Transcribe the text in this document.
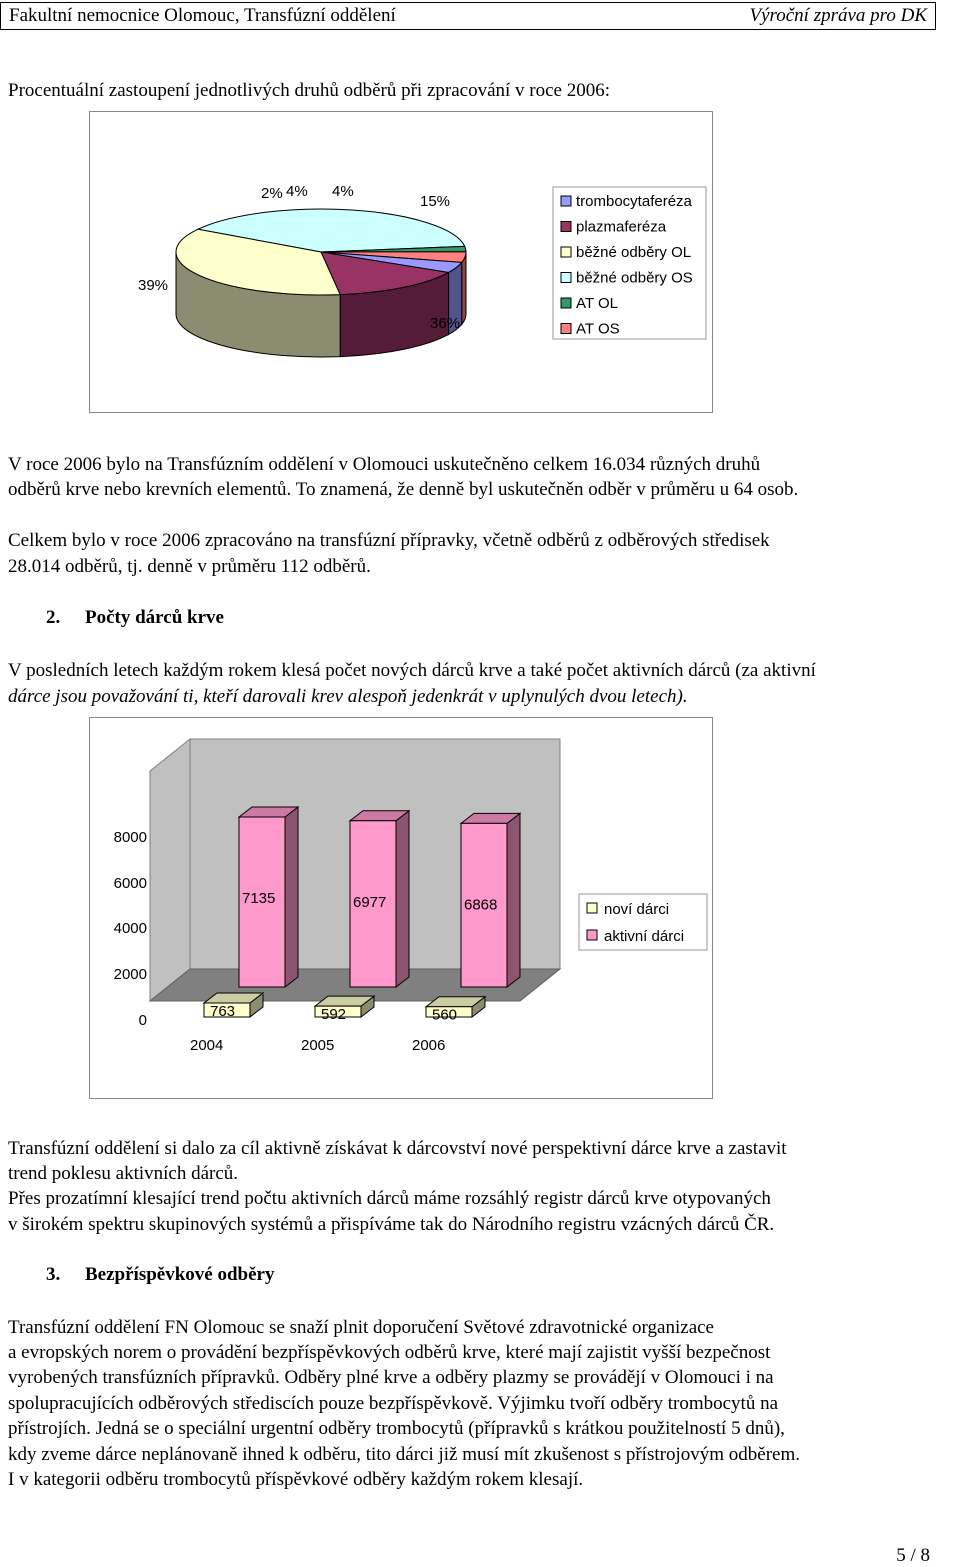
Fakultní nemocnice Olomouc, Transfúzní oddělení	Výroční zpráva pro DK

Procentuální zastoupení jednotlivých druhů odběrů při zpracování v roce 2006:

2% 4% 4%
15%
39%
36%
trombocytaferéza
plazmaferéza
běžné odběry OL
běžné odběry OS
AT OL
AT OS

V roce 2006 bylo na Transfúzním oddělení v Olomouci uskutečněno celkem 16.034 různých druhů

odběrů krve nebo krevních elementů. To znamená, že denně byl uskutečněn odběr v průměru u 64 osob.

Celkem bylo v roce 2006 zpracováno na transfúzní přípravky, včetně odběrů z odběrových středisek

28.014 odběrů, tj. denně v průměru 112 odběrů.

2. Počty dárců krve

V posledních letech každým rokem klesá počet nových dárců krve a také počet aktivních dárců (za aktivní

dárce jsou považování ti, kteří darovali krev alespoň jedenkrát v uplynulých dvou letech).

7135
763
6977
592
6868
560
8000
6000
4000
2000
0
2004	2005	2006
noví dárci
aktivní dárci

Transfúzní oddělení si dalo za cíl aktivně získávat k dárcovství nové perspektivní dárce krve a zastavit

trend poklesu aktivních dárců.

Přes prozatímní klesající trend počtu aktivních dárců máme rozsáhlý registr dárců krve otypovaných

v širokém spektru skupinových systémů a přispíváme tak do Národního registru vzácných dárců ČR.

3. Bezpříspěvkové odběry

Transfúzní oddělení FN Olomouc se snaží plnit doporučení Světové zdravotnické organizace

a evropských norem o provádění bezpříspěvkových odběrů krve, které mají zajistit vyšší bezpečnost

vyrobených transfúzních přípravků. Odběry plné krve a odběry plazmy se provádějí v Olomouci i na

spolupracujících odběrových střediscích pouze bezpříspěvkově. Výjimku tvoří odběry trombocytů na

přístrojích. Jedná se o speciální urgentní odběry trombocytů (přípravků s krátkou použitelností 5 dnů),

kdy zveme dárce neplánovaně ihned k odběru, tito dárci již musí mít zkušenost s přístrojovým odběrem.

I v kategorii odběru trombocytů příspěvkové odběry každým rokem klesají.

5 / 8
